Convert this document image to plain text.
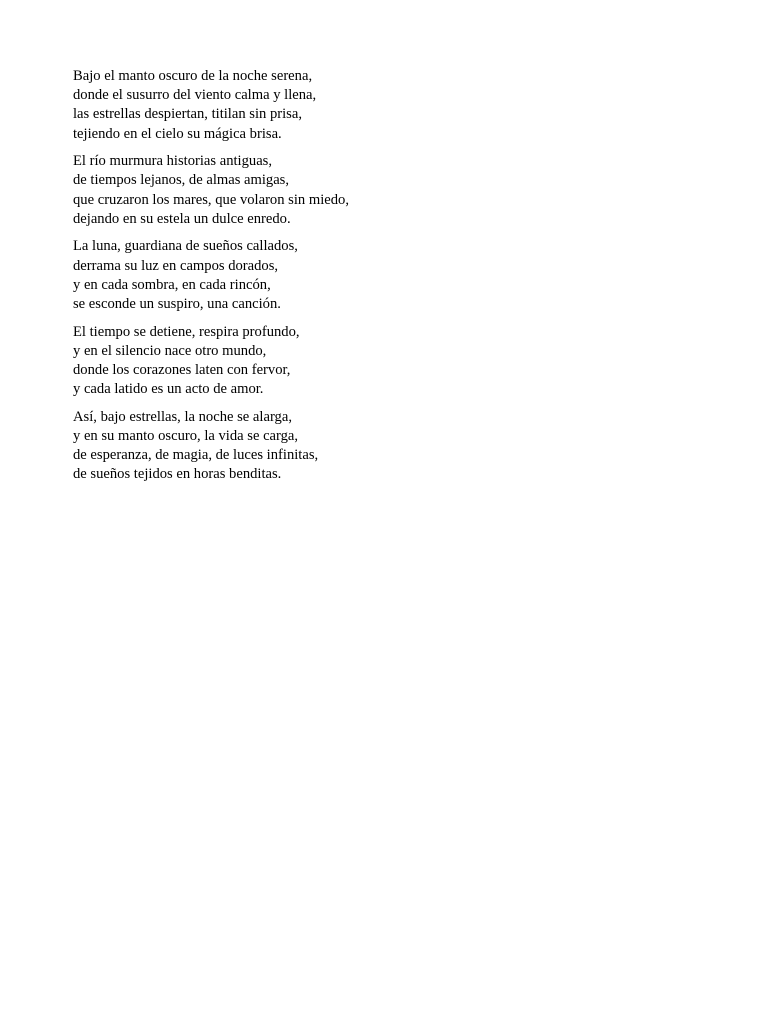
Bajo el manto oscuro de la noche serena,
donde el susurro del viento calma y llena,
las estrellas despiertan, titilan sin prisa,
tejiendo en el cielo su mágica brisa.
El río murmura historias antiguas,
de tiempos lejanos, de almas amigas,
que cruzaron los mares, que volaron sin miedo,
dejando en su estela un dulce enredo.
La luna, guardiana de sueños callados,
derrama su luz en campos dorados,
y en cada sombra, en cada rincón,
se esconde un suspiro, una canción.
El tiempo se detiene, respira profundo,
y en el silencio nace otro mundo,
donde los corazones laten con fervor,
y cada latido es un acto de amor.
Así, bajo estrellas, la noche se alarga,
y en su manto oscuro, la vida se carga,
de esperanza, de magia, de luces infinitas,
de sueños tejidos en horas benditas.
